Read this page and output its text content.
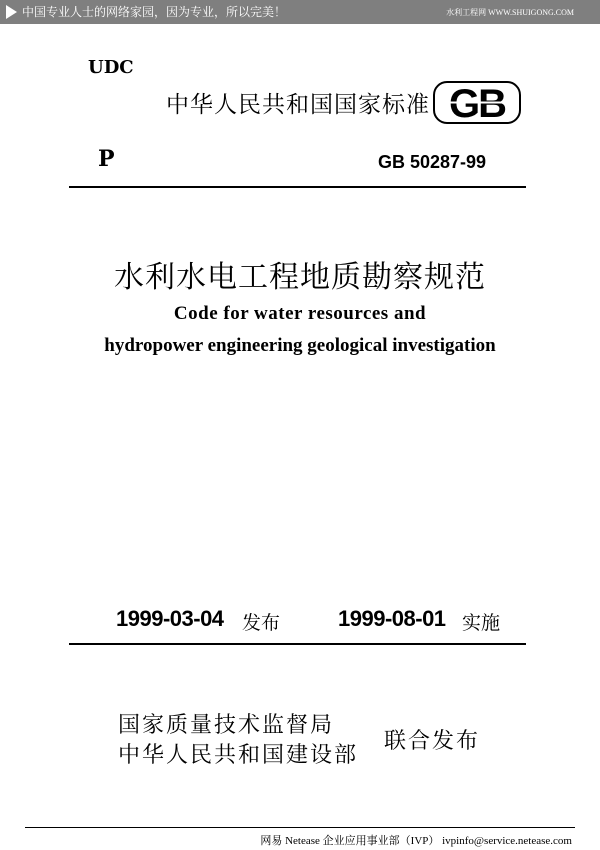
中国专业人士的网络家园，因为专业，所以完美！	水利工程网 WWW.SHUIGONG.COM
UDC
中华人民共和国国家标准 GB
P	GB 50287-99
水利水电工程地质勘察规范
Code for water resources and
hydropower engineering geological investigation
1999-03-04 发布	1999-08-01 实施
国家质量技术监督局
中华人民共和国建设部
联合发布
网易 Netease 企业应用事业部（IVP） ivpinfo@service.netease.com
